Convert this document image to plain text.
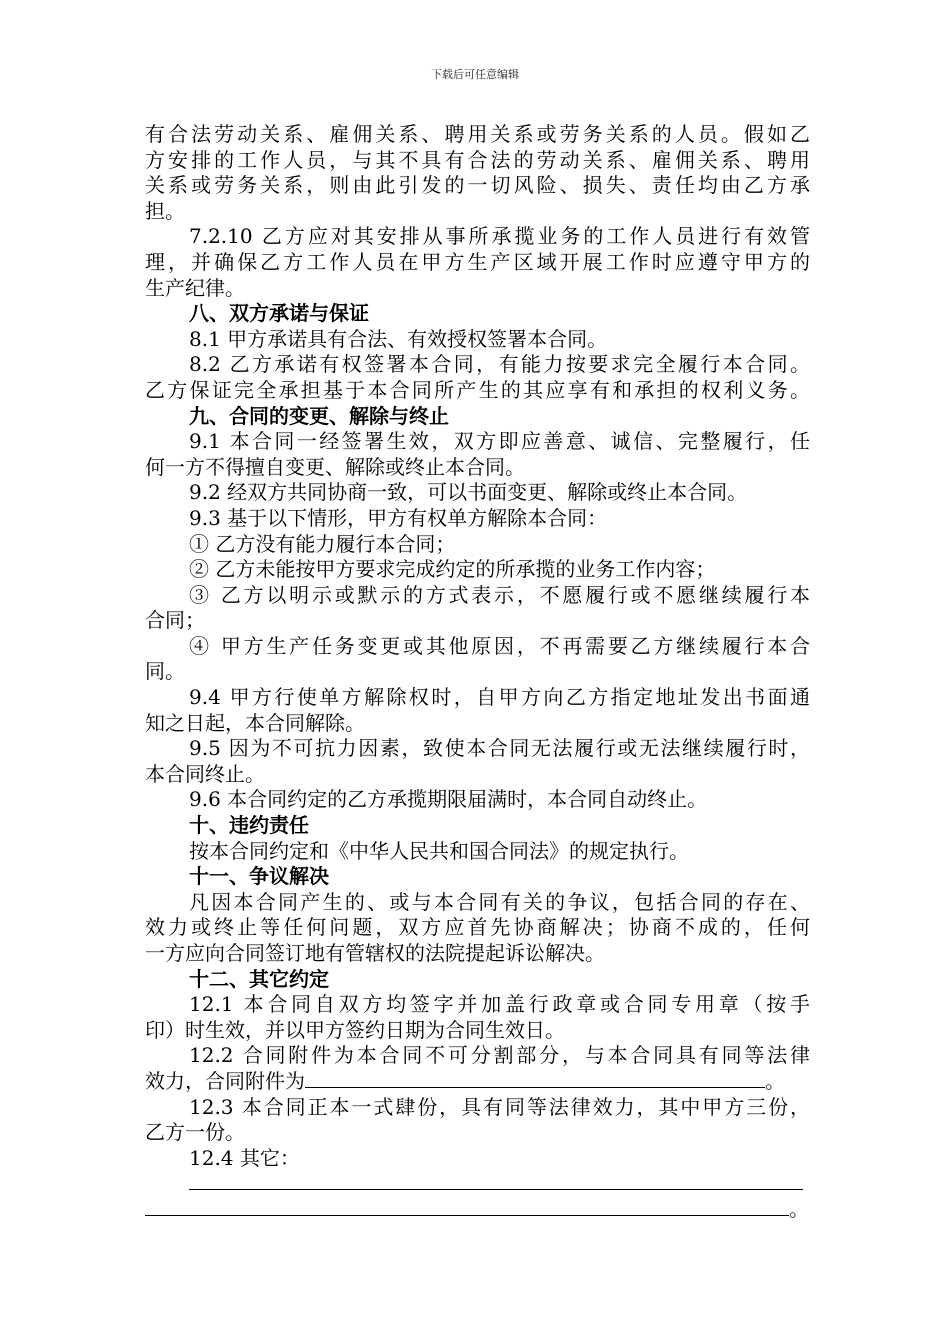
下载后可任意编辑
有合法劳动关系、雇佣关系、聘用关系或劳务关系的人员。假如乙
方安排的工作人员，与其不具有合法的劳动关系、雇佣关系、聘用
关系或劳务关系，则由此引发的一切风险、损失、责任均由乙方承
担。
7.2.10 乙方应对其安排从事所承揽业务的工作人员进行有效管
理，并确保乙方工作人员在甲方生产区域开展工作时应遵守甲方的
生产纪律。
八、双方承诺与保证
8.1 甲方承诺具有合法、有效授权签署本合同。
8.2 乙方承诺有权签署本合同，有能力按要求完全履行本合同。
乙方保证完全承担基于本合同所产生的其应享有和承担的权利义务。
九、合同的变更、解除与终止
9.1 本合同一经签署生效，双方即应善意、诚信、完整履行，任
何一方不得擅自变更、解除或终止本合同。
9.2 经双方共同协商一致，可以书面变更、解除或终止本合同。
9.3 基于以下情形，甲方有权单方解除本合同：
① 乙方没有能力履行本合同；
② 乙方未能按甲方要求完成约定的所承揽的业务工作内容；
③ 乙方以明示或默示的方式表示，不愿履行或不愿继续履行本
合同；
④ 甲方生产任务变更或其他原因，不再需要乙方继续履行本合
同。
9.4 甲方行使单方解除权时，自甲方向乙方指定地址发出书面通
知之日起，本合同解除。
9.5 因为不可抗力因素，致使本合同无法履行或无法继续履行时，
本合同终止。
9.6 本合同约定的乙方承揽期限届满时，本合同自动终止。
十、违约责任
按本合同约定和《中华人民共和国合同法》的规定执行。
十一、争议解决
凡因本合同产生的、或与本合同有关的争议，包括合同的存在、
效力或终止等任何问题，双方应首先协商解决；协商不成的，任何
一方应向合同签订地有管辖权的法院提起诉讼解决。
十二、其它约定
12.1 本合同自双方均签字并加盖行政章或合同专用章（按手
印）时生效，并以甲方签约日期为合同生效日。
12.2 合同附件为本合同不可分割部分，与本合同具有同等法律
效力，合同附件为	。
12.3 本合同正本一式肆份，具有同等法律效力，其中甲方三份，
乙方一份。
12.4 其它：
。
